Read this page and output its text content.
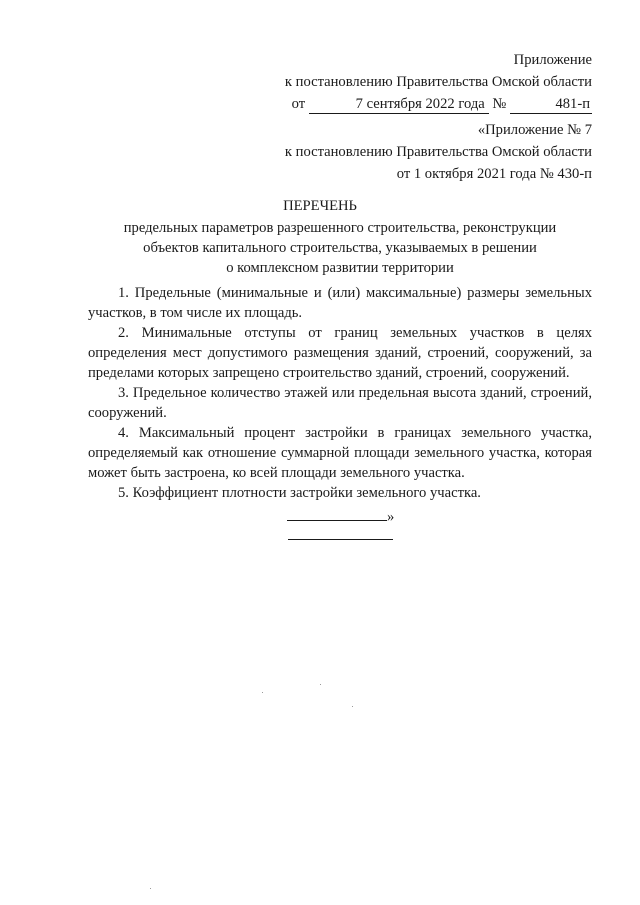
Приложение
к постановлению Правительства Омской области
от	7 сентября 2022 года №	481-п
«Приложение № 7
к постановлению Правительства Омской области
от 1 октября 2021 года № 430-п
ПЕРЕЧЕНЬ
предельных параметров разрешенного строительства, реконструкции
объектов капитального строительства, указываемых в решении
о комплексном развитии территории

1. Предельные (минимальные и (или) максимальные) размеры земельных участков, в том числе их площадь.

2. Минимальные отступы от границ земельных участков в целях определения мест допустимого размещения зданий, строений, сооружений, за пределами которых запрещено строительство зданий, строений, сооружений.

3. Предельное количество этажей или предельная высота зданий, строений, сооружений.

4. Максимальный процент застройки в границах земельного участка, определяемый как отношение суммарной площади земельного участка, которая может быть застроена, ко всей площади земельного участка.

5. Коэффициент плотности застройки земельного участка.

»
